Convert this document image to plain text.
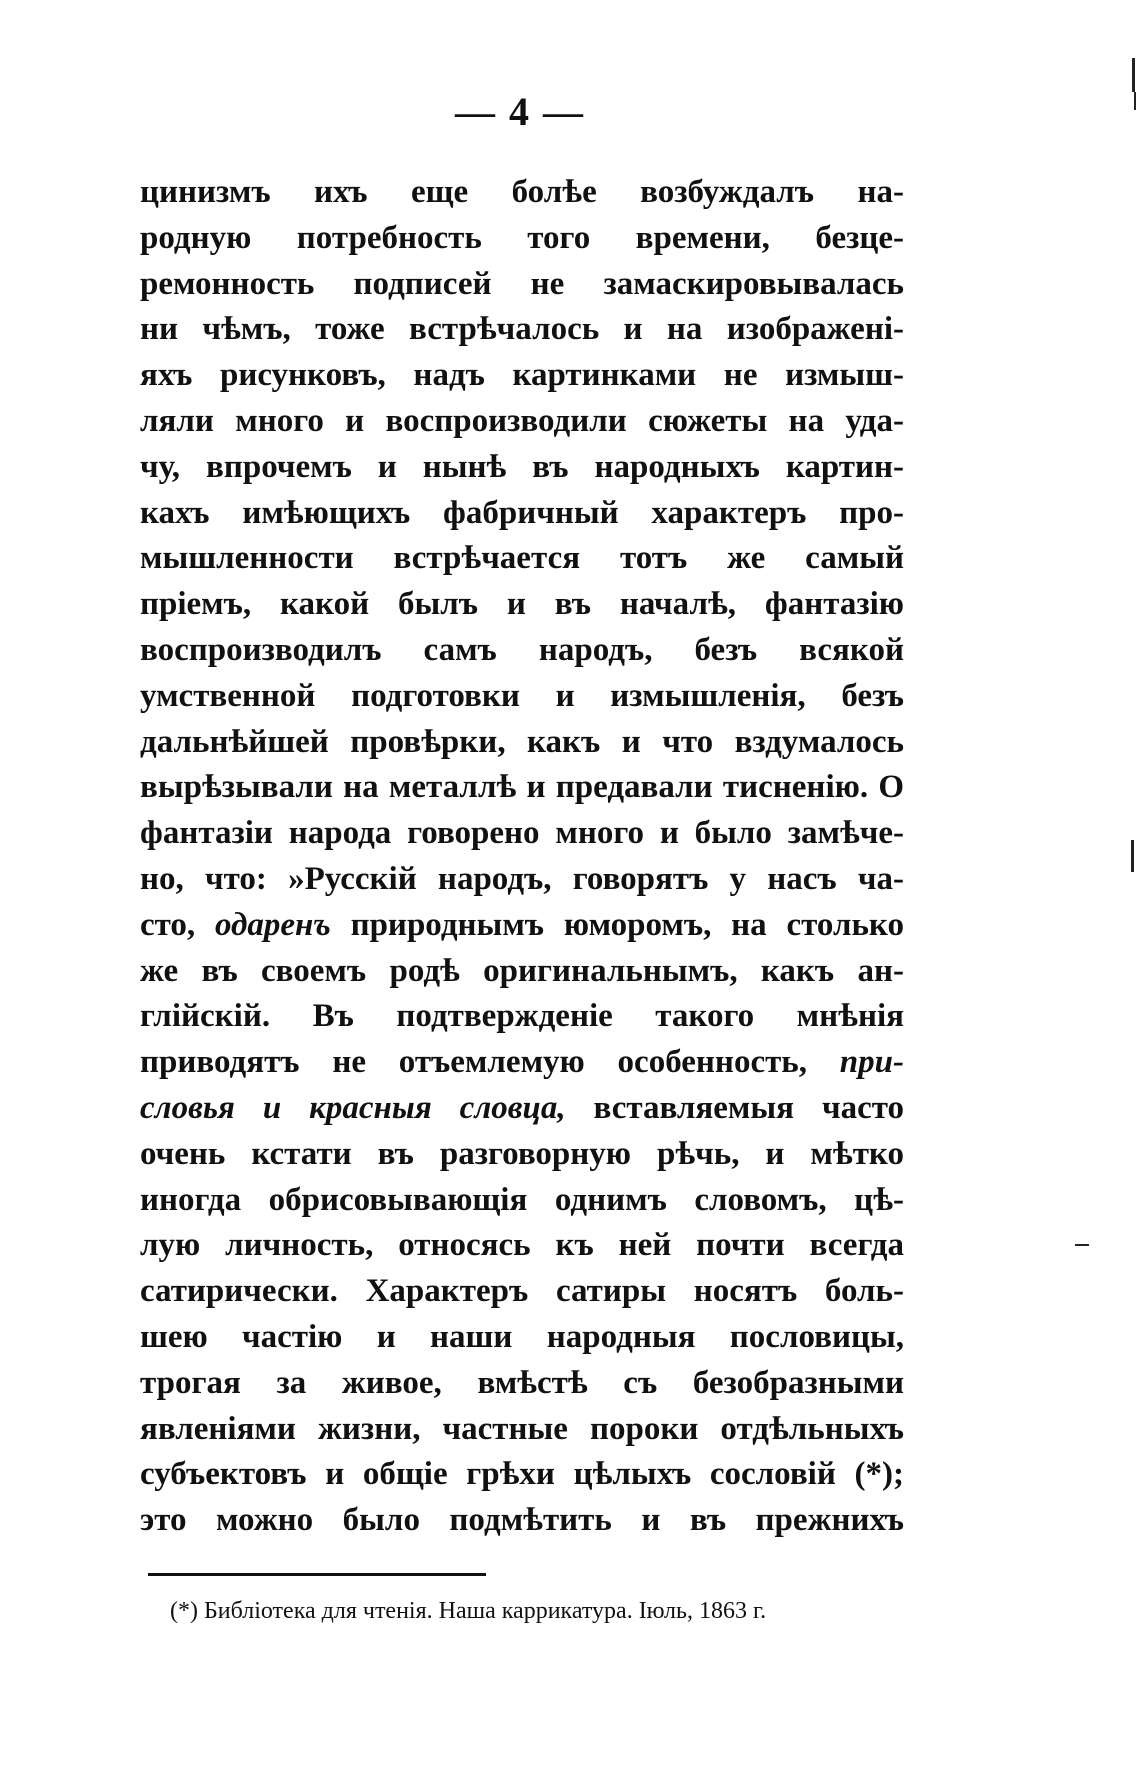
— 4 —
цинизмъ ихъ еще болѣе возбуждалъ на-
родную потребность того времени, безце-
ремонность подписей не замаскировывалась
ни чѣмъ, тоже встрѣчалось и на изображені-
яхъ рисунковъ, надъ картинками не измыш-
ляли много и воспроизводили сюжеты на уда-
чу, впрочемъ и нынѣ въ народныхъ картин-
кахъ имѣющихъ фабричный характеръ про-
мышленности встрѣчается тотъ же самый
пріемъ, какой былъ и въ началѣ, фантазію
воспроизводилъ самъ народъ, безъ всякой
умственной подготовки и измышленія, безъ
дальнѣйшей провѣрки, какъ и что вздумалось
вырѣзывали на металлѣ и предавали тисненію. О
фантазіи народа говорено много и было замѣче-
но, что: »Русскій народъ, говорятъ у насъ ча-
сто, одаренъ природнымъ юморомъ, на столько
же въ своемъ родѣ оригинальнымъ, какъ ан-
глійскій. Въ подтвержденіе такого мнѣнія
приводятъ не отъемлемую особенность, при-
словья и красныя словца, вставляемыя часто
очень кстати въ разговорную рѣчь, и мѣтко
иногда обрисовывающія однимъ словомъ, цѣ-
лую личность, относясь къ ней почти всегда
сатирически. Характеръ сатиры носятъ боль-
шею частію и наши народныя пословицы,
трогая за живое, вмѣстѣ съ безобразными
явленіями жизни, частные пороки отдѣльныхъ
субъектовъ и общіе грѣхи цѣлыхъ сословій (*);
это можно было подмѣтить и въ прежнихъ
(*) Библіотека для чтенія. Наша каррикатура. Іюль, 1863 г.
